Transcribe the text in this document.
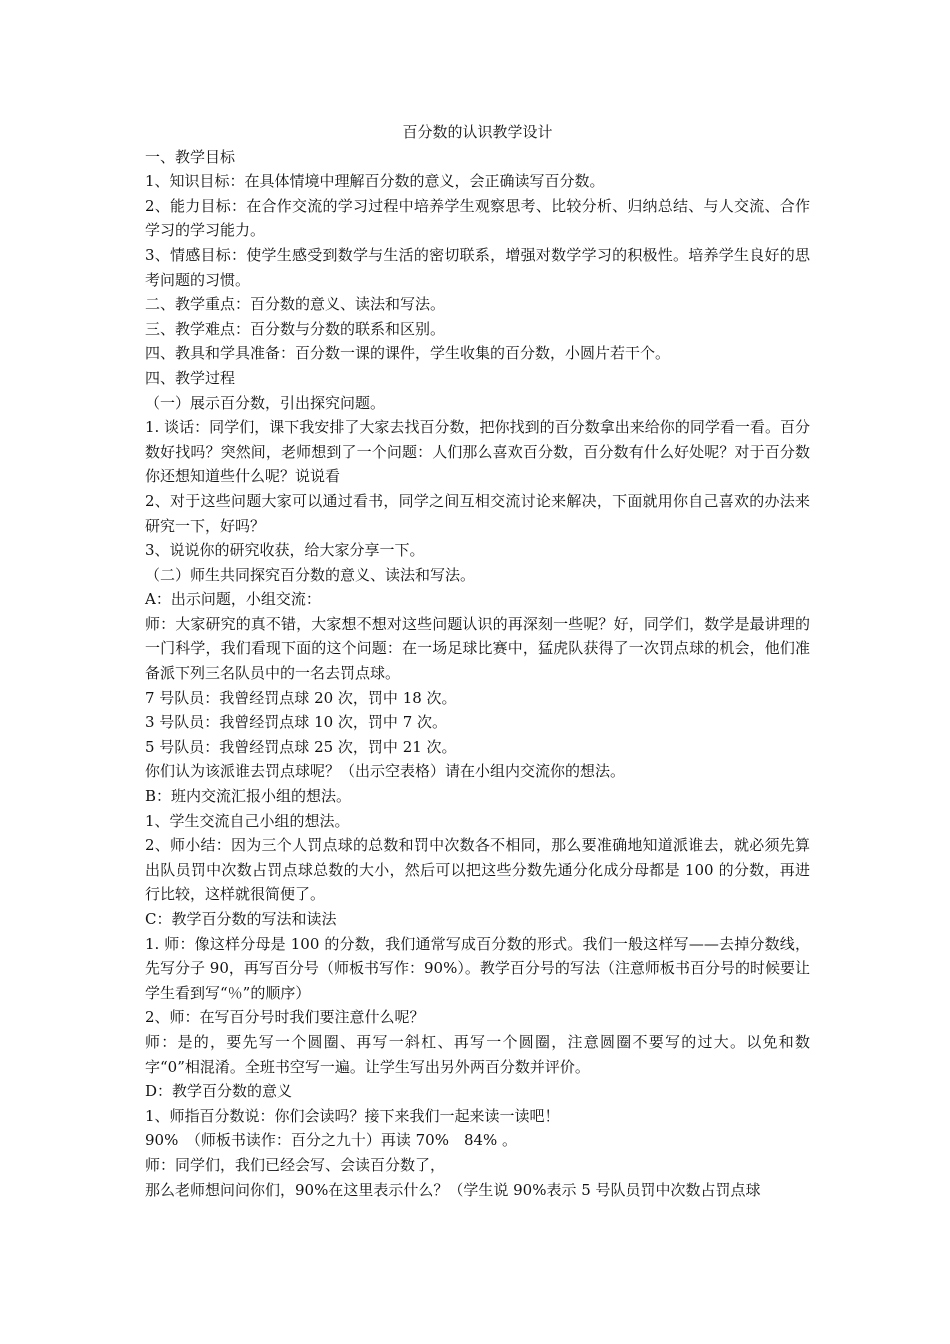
百分数的认识教学设计

一、教学目标

1、知识目标：在具体情境中理解百分数的意义，会正确读写百分数。

2、能力目标：在合作交流的学习过程中培养学生观察思考、比较分析、归纳总结、与人交流、合作学习的学习能力。

3、情感目标：使学生感受到数学与生活的密切联系，增强对数学学习的积极性。培养学生良好的思考问题的习惯。

二、教学重点：百分数的意义、读法和写法。

三、教学难点：百分数与分数的联系和区别。

四、教具和学具准备：百分数一课的课件，学生收集的百分数，小圆片若干个。

四、教学过程

（一）展示百分数，引出探究问题。

1. 谈话：同学们，课下我安排了大家去找百分数，把你找到的百分数拿出来给你的同学看一看。百分数好找吗？突然间，老师想到了一个问题：人们那么喜欢百分数，百分数有什么好处呢？对于百分数你还想知道些什么呢？说说看

2、对于这些问题大家可以通过看书，同学之间互相交流讨论来解决，下面就用你自己喜欢的办法来研究一下，好吗？

3、说说你的研究收获，给大家分享一下。

（二）师生共同探究百分数的意义、读法和写法。

A：出示问题，小组交流：

师：大家研究的真不错，大家想不想对这些问题认识的再深刻一些呢？好，同学们，数学是最讲理的一门科学，我们看现下面的这个问题：在一场足球比赛中，猛虎队获得了一次罚点球的机会，他们准备派下列三名队员中的一名去罚点球。

7 号队员：我曾经罚点球 20 次，罚中 18 次。

3 号队员：我曾经罚点球 10 次，罚中 7 次。

5 号队员：我曾经罚点球 25 次，罚中 21 次。

你们认为该派谁去罚点球呢？（出示空表格）请在小组内交流你的想法。

B：班内交流汇报小组的想法。

1、学生交流自己小组的想法。

2、师小结：因为三个人罚点球的总数和罚中次数各不相同，那么要准确地知道派谁去，就必须先算出队员罚中次数占罚点球总数的大小，然后可以把这些分数先通分化成分母都是 100 的分数，再进行比较，这样就很简便了。

C：教学百分数的写法和读法

1. 师：像这样分母是 100 的分数，我们通常写成百分数的形式。我们一般这样写——去掉分数线，先写分子 90，再写百分号（师板书写作：90%）。教学百分号的写法（注意师板书百分号的时候要让学生看到写“％”的顺序）

2、师：在写百分号时我们要注意什么呢？

师：是的，要先写一个圆圈、再写一斜杠、再写一个圆圈，注意圆圈不要写的过大。以免和数字“0”相混淆。全班书空写一遍。让学生写出另外两百分数并评价。

D：教学百分数的意义

1、师指百分数说：你们会读吗？接下来我们一起来读一读吧！

90%　（师板书读作：百分之九十）再读 70%　84% 。

师：同学们，我们已经会写、会读百分数了，

那么老师想问问你们，90%在这里表示什么？（学生说 90%表示 5 号队员罚中次数占罚点球
